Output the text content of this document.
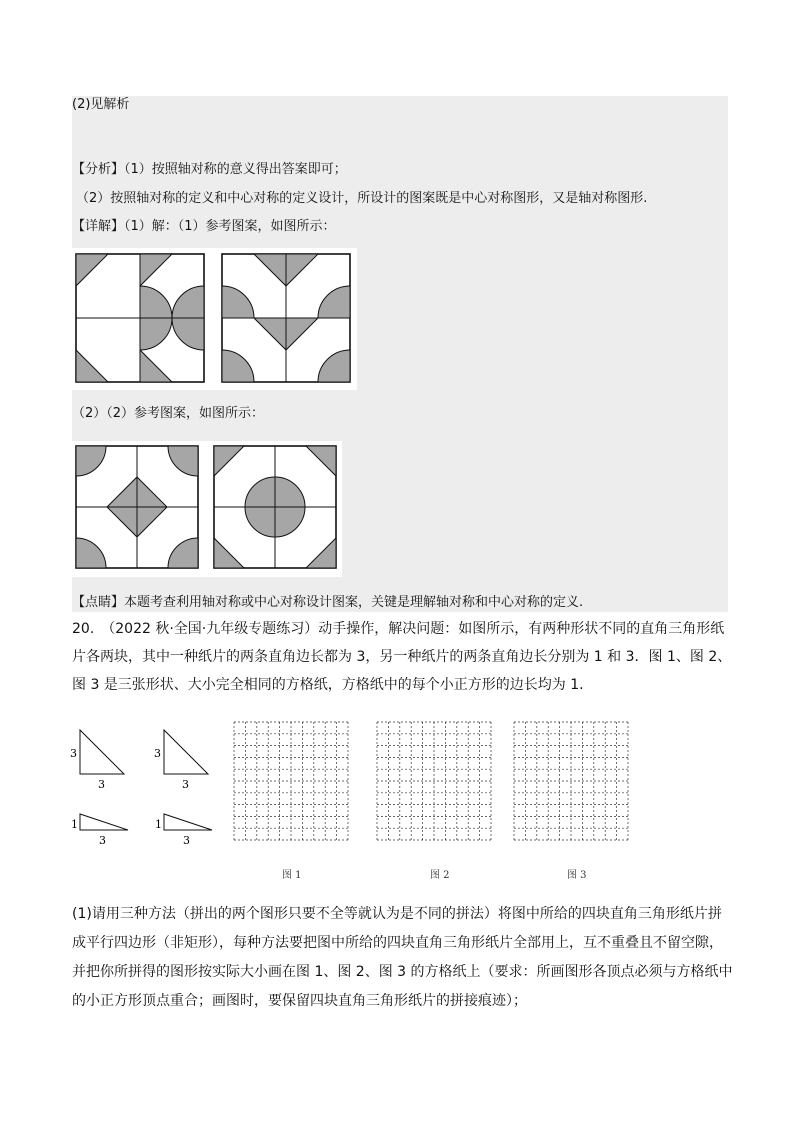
(2)见解析
【分析】（1）按照轴对称的意义得出答案即可；
（2）按照轴对称的定义和中心对称的定义设计，所设计的图案既是中心对称图形，又是轴对称图形.
【详解】（1）解：（1）参考图案，如图所示：
（2）（2）参考图案，如图所示：
【点睛】本题考查利用轴对称或中心对称设计图案，关键是理解轴对称和中心对称的定义.
20.　（2022 秋·全国·九年级专题练习）动手操作，解决问题：如图所示，有两种形状不同的直角三角形纸
片各两块，其中一种纸片的两条直角边长都为 3，另一种纸片的两条直角边长分别为 1 和 3．图 1、图 2、
图 3 是三张形状、大小完全相同的方格纸，方格纸中的每个小正方形的边长均为 1.
3
3
3
3
1
3
1
3
图 1	图 2	图 3
(1)请用三种方法（拼出的两个图形只要不全等就认为是不同的拼法）将图中所给的四块直角三角形纸片拼
成平行四边形（非矩形），每种方法要把图中所给的四块直角三角形纸片全部用上，互不重叠且不留空隙，
并把你所拼得的图形按实际大小画在图 1、图 2、图 3 的方格纸上（要求：所画图形各顶点必须与方格纸中
的小正方形顶点重合；画图时，要保留四块直角三角形纸片的拼接痕迹）；
